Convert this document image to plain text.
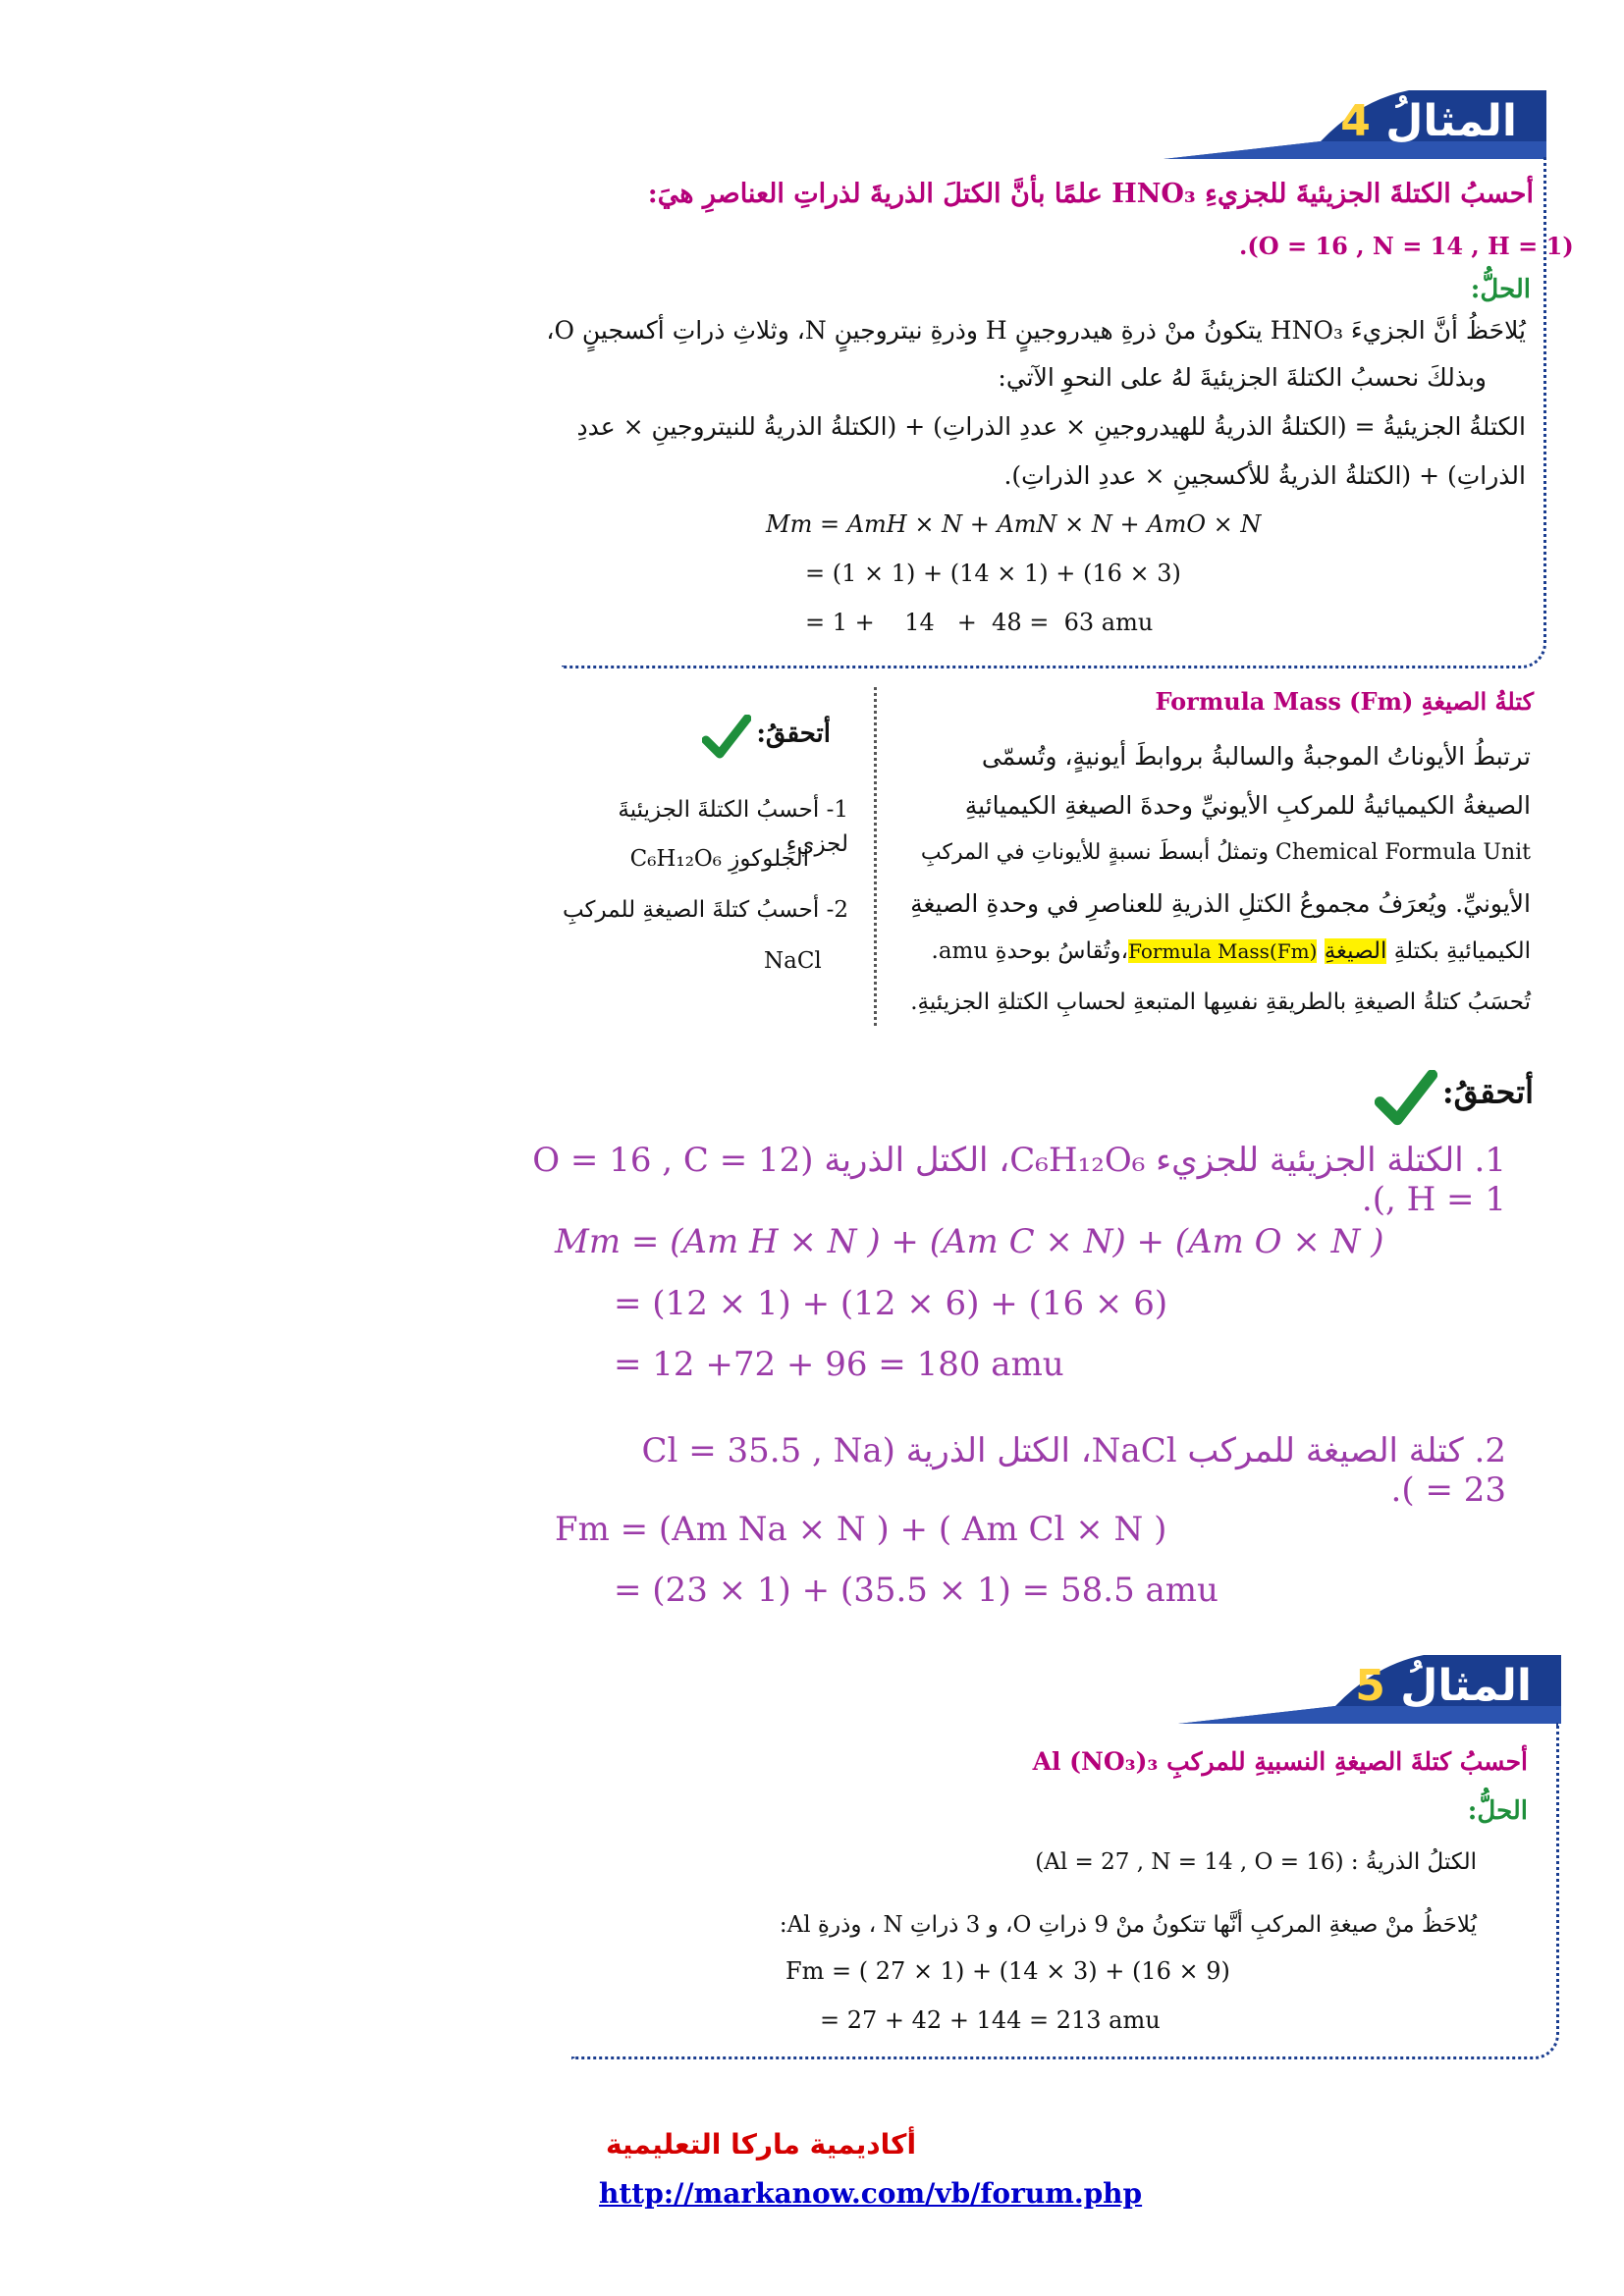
المثالُ 4
أحسبُ الكتلةَ الجزيئيةَ للجزيءِ HNO₃ علمًا بأنَّ الكتلَ الذريةَ لذراتِ العناصرِ هيَ:
.(O = 16 , N = 14 , H = 1)
الحلُّ:
يُلاحَظُ أنَّ الجزيءَ HNO₃ يتكونُ منْ ذرةِ هيدروجينٍ H وذرةِ نيتروجينٍ N، وثلاثِ ذراتِ أكسجينٍ O،
وبذلكَ نحسبُ الكتلةَ الجزيئيةَ لهُ على النحوِ الآتي:
الكتلةُ الجزيئيةُ = (الكتلةُ الذريةُ للهيدروجينِ × عددِ الذراتِ) + (الكتلةُ الذريةُ للنيتروجينِ × عددِ
الذراتِ) + (الكتلةُ الذريةُ للأكسجينِ × عددِ الذراتِ).
Mm = AmH × N + AmN × N + AmO × N
= (1 × 1) + (14 × 1) + (16 × 3)
= 1 +    14   +  48 =  63 amu
كتلةُ الصيغةِ Formula Mass (Fm)
ترتبطُ الأيوناتُ الموجبةُ والسالبةُ بروابطَ أيونيةٍ، وتُسمّى
الصيغةُ الكيميائيةُ للمركبِ الأيونيِّ وحدةَ الصيغةِ الكيميائيةِ
Chemical Formula Unit وتمثلُ أبسطَ نسبةٍ للأيوناتِ في المركبِ
الأيونيِّ. ويُعرَفُ مجموعُ الكتلِ الذريةِ للعناصرِ في وحدةِ الصيغةِ
الكيميائيةِ بكتلةِ الصيغةِ Formula Mass(Fm)،وتُقاسُ بوحدةِ amu.
تُحسَبُ كتلةُ الصيغةِ بالطريقةِ نفسِها المتبعةِ لحسابِ الكتلةِ الجزيئيةِ.
أتحققُ:
1- أحسبُ الكتلةَ الجزيئيةَ لجزيءِ
الجلوكوزِ C₆H₁₂O₆
2- أحسبُ كتلةَ الصيغةِ للمركبِ
NaCl
أتحققُ:
1. الكتلة الجزيئية للجزيء C₆H₁₂O₆، الكتل الذرية (O = 16 , C = 12 , H = 1).
Mm = (Am H × N ) + (Am C × N) + (Am O × N )
= (12 × 1) + (12 × 6) + (16 × 6)
= 12 +72 + 96 = 180 amu
2. كتلة الصيغة للمركب NaCl، الكتل الذرية (Cl = 35.5 , Na = 23 ).
Fm = (Am Na × N ) + ( Am Cl × N )
= (23 × 1) + (35.5 × 1) = 58.5 amu
المثالُ 5
أحسبُ كتلةَ الصيغةِ النسبيةِ للمركبِ Al (NO₃)₃
الحلُّ:
الكتلُ الذريةُ : (Al = 27 , N = 14 , O = 16)
يُلاحَظُ منْ صيغةِ المركبِ أنَّها تتكونُ منْ 9 ذراتِ O، و 3 ذراتِ N ، وذرةِ Al:
Fm = ( 27 × 1) + (14 × 3) + (16 × 9)
= 27 + 42 + 144 = 213 amu
أكاديمية ماركا التعليمية
http://markanow.com/vb/forum.php
